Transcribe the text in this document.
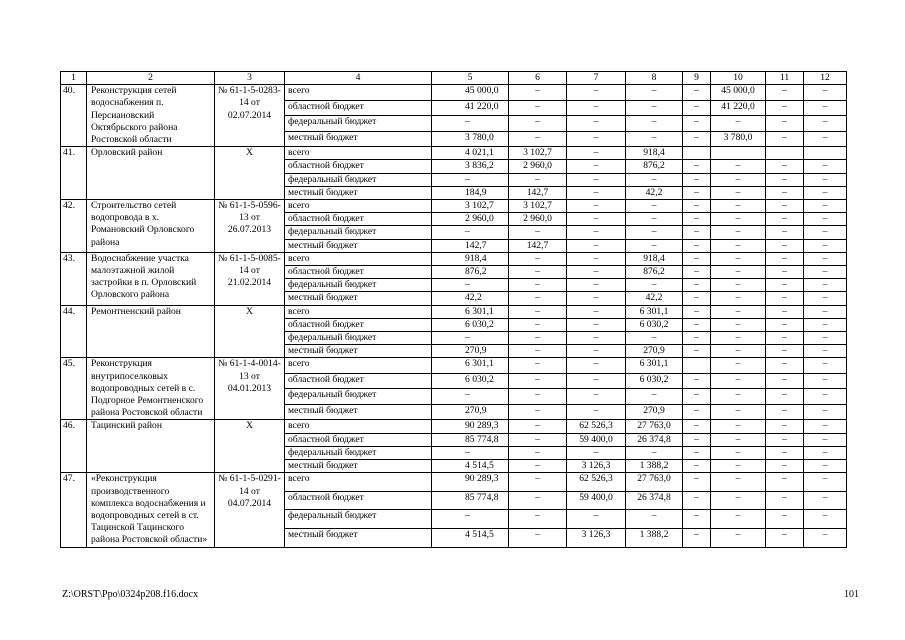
1	2	3	4	5	6	7	8	9	10	11	12
40.	Реконструкция сетей водоснабжения п. Персиановский Октябрьского района Ростовской области	№ 61-1-5-0283-14 от 02.07.2014	всего	45 000,0	–	–	–	–	45 000,0	–	–
			областной бюджет	41 220,0	–	–	–	–	41 220,0	–	–
			федеральный бюджет	–	–	–	–	–	–	–	–
			местный бюджет	3 780,0	–	–	–	–	3 780,0	–	–
41.	Орловский район	Х	всего	4 021,1	3 102,7	–	918,4				
			областной бюджет	3 836,2	2 960,0	–	876,2	–	–	–	–
			федеральный бюджет	–	–	–	–	–	–	–	–
			местный бюджет	184,9	142,7	–	42,2	–	–	–	–
42.	Строительство сетей водопровода в х. Романовский Орловского района	№ 61-1-5-0596-13 от 26.07.2013	всего	3 102,7	3 102,7	–	–	–	–	–	–
			областной бюджет	2 960,0	2 960,0	–	–	–	–	–	–
			федеральный бюджет	–	–	–	–	–	–	–	–
			местный бюджет	142,7	142,7	–	–	–	–	–	–
43.	Водоснабжение участка малоэтажной жилой застройки в п. Орловский Орловского района	№ 61-1-5-0085-14 от 21.02.2014	всего	918,4	–	–	918,4	–	–	–	–
			областной бюджет	876,2	–	–	876,2	–	–	–	–
			федеральный бюджет	–	–	–	–	–	–	–	–
			местный бюджет	42,2	–	–	42,2	–	–	–	–
44.	Ремонтненский район	Х	всего	6 301,1	–	–	6 301,1	–	–	–	–
			областной бюджет	6 030,2	–	–	6 030,2	–	–	–	–
			федеральный бюджет	–	–	–	–	–	–	–	–
			местный бюджет	270,9	–	–	270,9	–	–	–	–
45.	Реконструкция внутрипоселковых водопроводных сетей в с. Подгорное Ремонтненского района Ростовской области	№ 61-1-4-0014-13 от 04.01.2013	всего	6 301,1	–	–	6 301,1		–	–	–
			областной бюджет	6 030,2	–	–	6 030,2	–	–	–	–
			федеральный бюджет	–	–	–	–	–	–	–	–
			местный бюджет	270,9	–	–	270,9	–	–	–	–
46.	Тацинский район	Х	всего	90 289,3	–	62 526,3	27 763,0	–	–	–	–
			областной бюджет	85 774,8	–	59 400,0	26 374,8	–	–	–	–
			федеральный бюджет	–	–	–	–	–	–	–	–
			местный бюджет	4 514,5	–	3 126,3	1 388,2	–	–	–	–
47.	«Реконструкция производственного комплекса водоснабжения и водопроводных сетей в ст. Тацинской Тацинского района Ростовской области»	№ 61-1-5-0291-14 от 04.07.2014	всего	90 289,3	–	62 526,3	27 763,0	–	–	–	–
			областной бюджет	85 774,8	–	59 400,0	26 374,8	–	–	–	–
			федеральный бюджет	–	–	–	–	–	–	–	–
			местный бюджет	4 514,5	–	3 126,3	1 388,2	–	–	–	–
Z:\ORST\Ppo\0324p208.f16.docx	101
